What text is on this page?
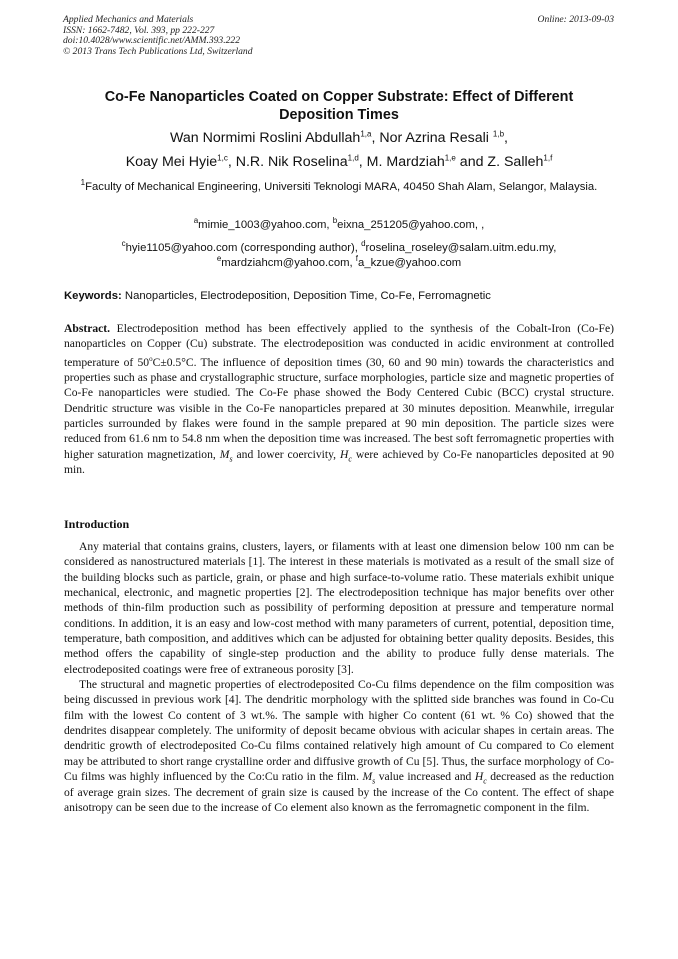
Applied Mechanics and Materials
ISSN: 1662-7482, Vol. 393, pp 222-227
doi:10.4028/www.scientific.net/AMM.393.222
© 2013 Trans Tech Publications Ltd, Switzerland
Online: 2013-09-03
Co-Fe Nanoparticles Coated on Copper Substrate: Effect of Different
Deposition Times
Wan Normimi Roslini Abdullah$^{1,a}$, Nor Azrina Resali $^{1,b}$,
Koay Mei Hyie$^{1,c}$, N.R. Nik Roselina$^{1,d}$, M. Mardziah$^{1,e}$ and Z. Salleh$^{1,f}$
$^1$Faculty of Mechanical Engineering, Universiti Teknologi MARA, 40450 Shah Alam, Selangor, Malaysia.
$^a$mimie_1003@yahoo.com, $^b$eixna_251205@yahoo.com, ,
$^c$hyie1105@yahoo.com (corresponding author), $^d$roselina_roseley@salam.uitm.edu.my,
$^e$mardziahcm@yahoo.com, $^f$a_kzue@yahoo.com
Keywords: Nanoparticles, Electrodeposition, Deposition Time, Co-Fe, Ferromagnetic
Abstract. Electrodeposition method has been effectively applied to the synthesis of the Cobalt-Iron (Co-Fe) nanoparticles on Copper (Cu) substrate. The electrodeposition was conducted in acidic environment at controlled temperature of $50^oC\pm 0.5^\circ C$. The influence of deposition times (30, 60 and 90 min) towards the characteristics and properties such as phase and crystallographic structure, surface morphologies, particle size and magnetic properties of Co-Fe nanoparticles were studied. The Co-Fe phase showed the Body Centered Cubic (BCC) crystal structure. Dendritic structure was visible in the Co-Fe nanoparticles prepared at 30 minutes deposition. Meanwhile, irregular particles surrounded by flakes were found in the sample prepared at 90 min deposition. The particle sizes were reduced from 61.6 nm to 54.8 nm when the deposition time was increased. The best soft ferromagnetic properties with higher saturation magnetization, $M_s$ and lower coercivity, $H_c$ were achieved by Co-Fe nanoparticles deposited at 90 min.
Introduction

Any material that contains grains, clusters, layers, or filaments with at least one dimension below 100 nm can be considered as nanostructured materials [1]. The interest in these materials is motivated as a result of the small size of the building blocks such as particle, grain, or phase and high surface-to-volume ratio. These materials exhibit unique mechanical, electronic, and magnetic properties [2]. The electrodeposition technique has major benefits over other methods of thin-film production such as possibility of performing deposition at pressure and temperature normal conditions. In addition, it is an easy and low-cost method with many parameters of current, potential, deposition time, temperature, bath composition, and additives which can be adjusted for obtaining better quality deposits. Besides, this method offers the capability of single-step production and the ability to produce fully dense materials. The electrodeposited coatings were free of extraneous porosity [3].

The structural and magnetic properties of electrodeposited Co-Cu films dependence on the film composition was being discussed in previous work [4]. The dendritic morphology with the splitted side branches was found in Co-Cu film with the lowest Co content of 3 wt.%. The sample with higher Co content (61 wt. % Co) showed that the dendrites disappear completely. The uniformity of deposit became obvious with acicular shapes in certain areas. The dendritic growth of electrodeposited Co-Cu films contained relatively high amount of Cu compared to Co element may be attributed to short range crystalline order and diffusive growth of Cu [5]. Thus, the surface morphology of Co-Cu films was highly influenced by the Co:Cu ratio in the film. $M_s$ value increased and $H_c$ decreased as the reduction of average grain sizes. The decrement of grain size is caused by the increase of the Co content. The effect of shape anisotropy can be seen due to the increase of Co element also known as the ferromagnetic component in the film.
